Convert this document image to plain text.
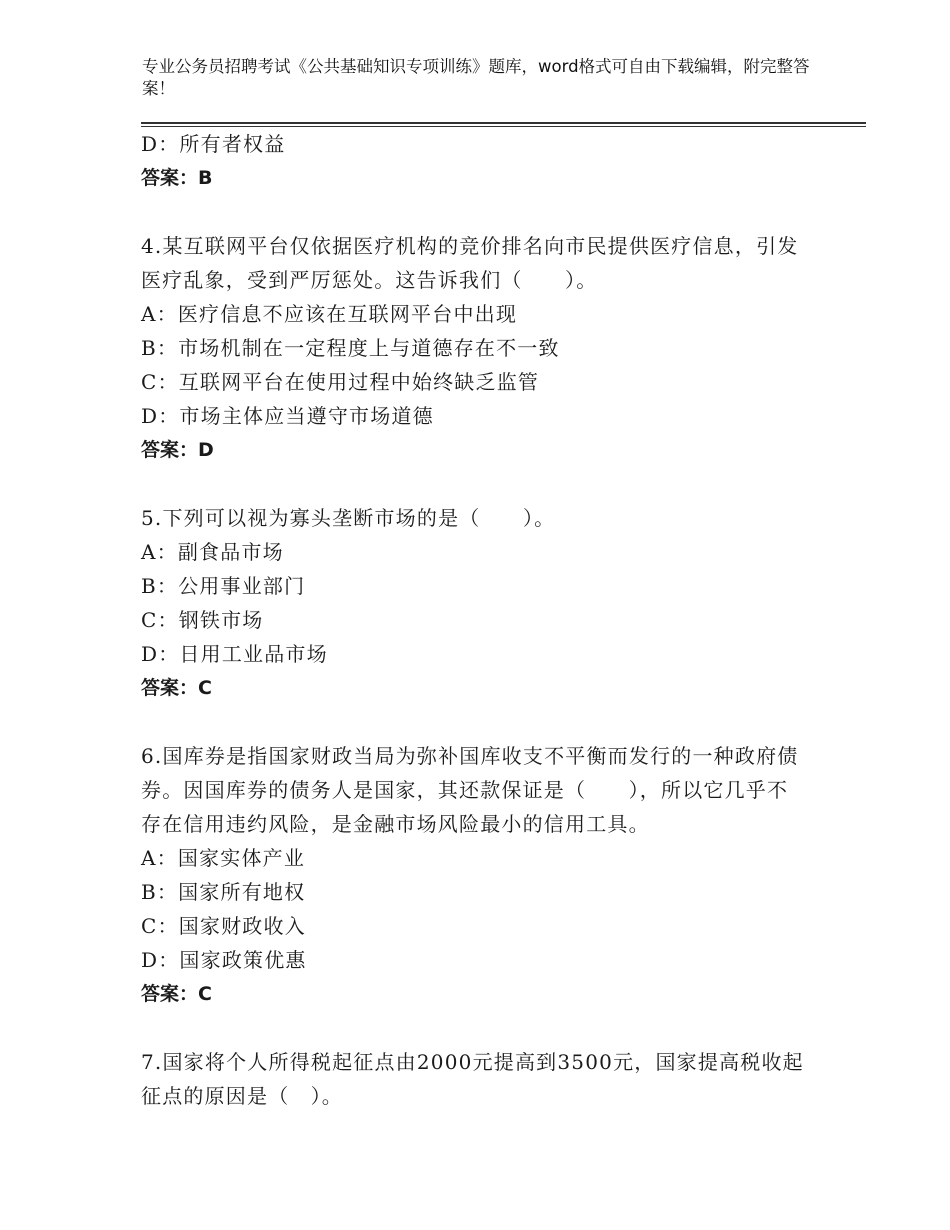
专业公务员招聘考试《公共基础知识专项训练》题库，word格式可自由下载编辑，附完整答案！
D：所有者权益
答案：B
4.某互联网平台仅依据医疗机构的竞价排名向市民提供医疗信息，引发医疗乱象，受到严厉惩处。这告诉我们（　　）。
A：医疗信息不应该在互联网平台中出现
B：市场机制在一定程度上与道德存在不一致
C：互联网平台在使用过程中始终缺乏监管
D：市场主体应当遵守市场道德
答案：D
5.下列可以视为寡头垄断市场的是（　　）。
A：副食品市场
B：公用事业部门
C：钢铁市场
D：日用工业品市场
答案：C
6.国库券是指国家财政当局为弥补国库收支不平衡而发行的一种政府债券。因国库券的债务人是国家，其还款保证是（　　），所以它几乎不存在信用违约风险，是金融市场风险最小的信用工具。
A：国家实体产业
B：国家所有地权
C：国家财政收入
D：国家政策优惠
答案：C
7.国家将个人所得税起征点由2000元提高到3500元，国家提高税收起征点的原因是（　）。
